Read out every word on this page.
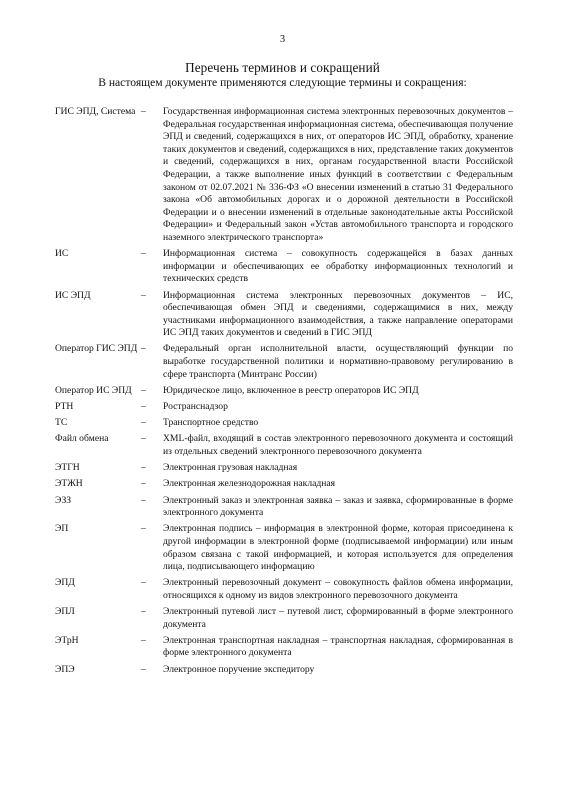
3
Перечень терминов и сокращений
В настоящем документе применяются следующие термины и сокращения:
ГИС ЭПД, Система –	Государственная информационная система электронных перевозочных документов – Федеральная государственная информационная система, обеспечивающая получение ЭПД и сведений, содержащихся в них, от операторов ИС ЭПД, обработку, хранение таких документов и сведений, содержащихся в них, представление таких документов и сведений, содержащихся в них, органам государственной власти Российской Федерации, а также выполнение иных функций в соответствии с Федеральным законом от 02.07.2021 № 336-ФЗ «О внесении изменений в статью 31 Федерального закона «Об автомобильных дорогах и о дорожной деятельности в Российской Федерации и о внесении изменений в отдельные законодательные акты Российской Федерации» и Федеральный закон «Устав автомобильного транспорта и городского наземного электрического транспорта»
ИС	–	Информационная система – совокупность содержащейся в базах данных информации и обеспечивающих ее обработку информационных технологий и технических средств
ИС ЭПД	–	Информационная система электронных перевозочных документов – ИС, обеспечивающая обмен ЭПД и сведениями, содержащимися в них, между участниками информационного взаимодействия, а также направление операторами ИС ЭПД таких документов и сведений в ГИС ЭПД
Оператор ГИС ЭПД –	Федеральный орган исполнительной власти, осуществляющий функции по выработке государственной политики и нормативно-правовому регулированию в сфере транспорта (Минтранс России)
Оператор ИС ЭПД –	Юридическое лицо, включенное в реестр операторов ИС ЭПД
РТН	–	Ространснадзор
ТС	–	Транспортное средство
Файл обмена	–	XML-файл, входящий в состав электронного перевозочного документа и состоящий из отдельных сведений электронного перевозочного документа
ЭТГН	–	Электронная грузовая накладная
ЭТЖН	–	Электронная железнодорожная накладная
ЭЗЗ	–	Электронный заказ и электронная заявка – заказ и заявка, сформированные в форме электронного документа
ЭП	–	Электронная подпись – информация в электронной форме, которая присоединена к другой информации в электронной форме (подписываемой информации) или иным образом связана с такой информацией, и которая используется для определения лица, подписывающего информацию
ЭПД	–	Электронный перевозочный документ – совокупность файлов обмена информации, относящихся к одному из видов электронного перевозочного документа
ЭПЛ	–	Электронный путевой лист – путевой лист, сформированный в форме электронного документа
ЭТрН	–	Электронная транспортная накладная – транспортная накладная, сформированная в форме электронного документа
ЭПЭ	–	Электронное поручение экспедитору
